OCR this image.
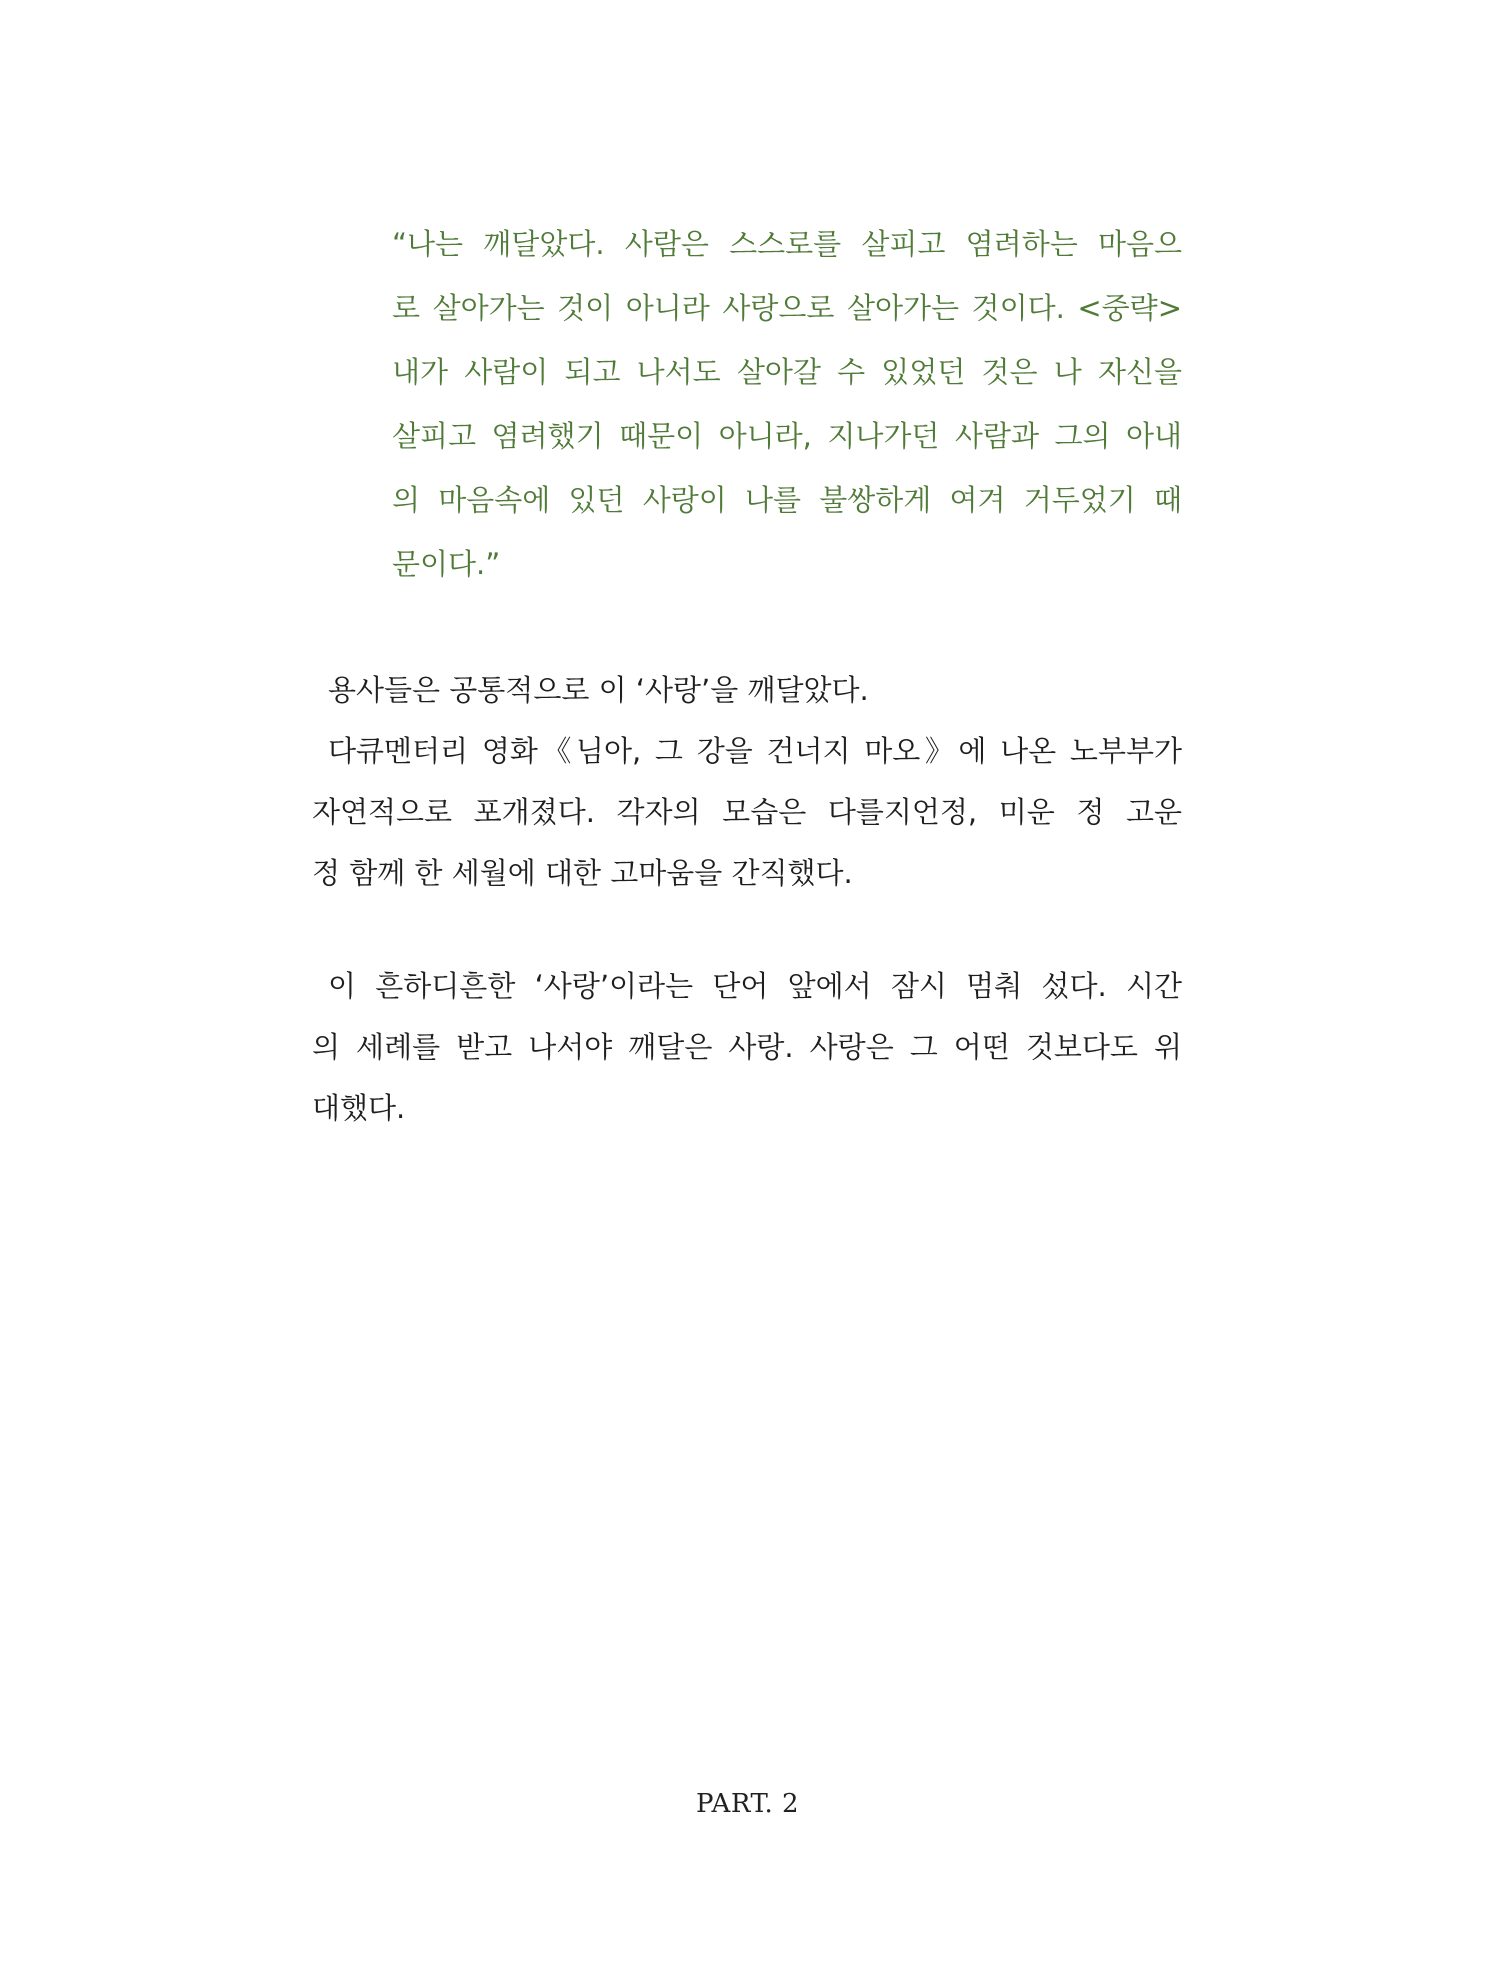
“나는 깨달았다. 사람은 스스로를 살피고 염려하는 마음으
로 살아가는 것이 아니라 사랑으로 살아가는 것이다. <중략>
내가 사람이 되고 나서도 살아갈 수 있었던 것은 나 자신을
살피고 염려했기 때문이 아니라, 지나가던 사람과 그의 아내
의 마음속에 있던 사랑이 나를 불쌍하게 여겨 거두었기 때
문이다.”
용사들은 공통적으로 이 ‘사랑’을 깨달았다.
다큐멘터리 영화《님아, 그 강을 건너지 마오》에 나온 노부부가
자연적으로 포개졌다. 각자의 모습은 다를지언정, 미운 정 고운
정 함께 한 세월에 대한 고마움을 간직했다.
이 흔하디흔한 ‘사랑’이라는 단어 앞에서 잠시 멈춰 섰다. 시간
의 세례를 받고 나서야 깨달은 사랑. 사랑은 그 어떤 것보다도 위
대했다.
PART. 2
